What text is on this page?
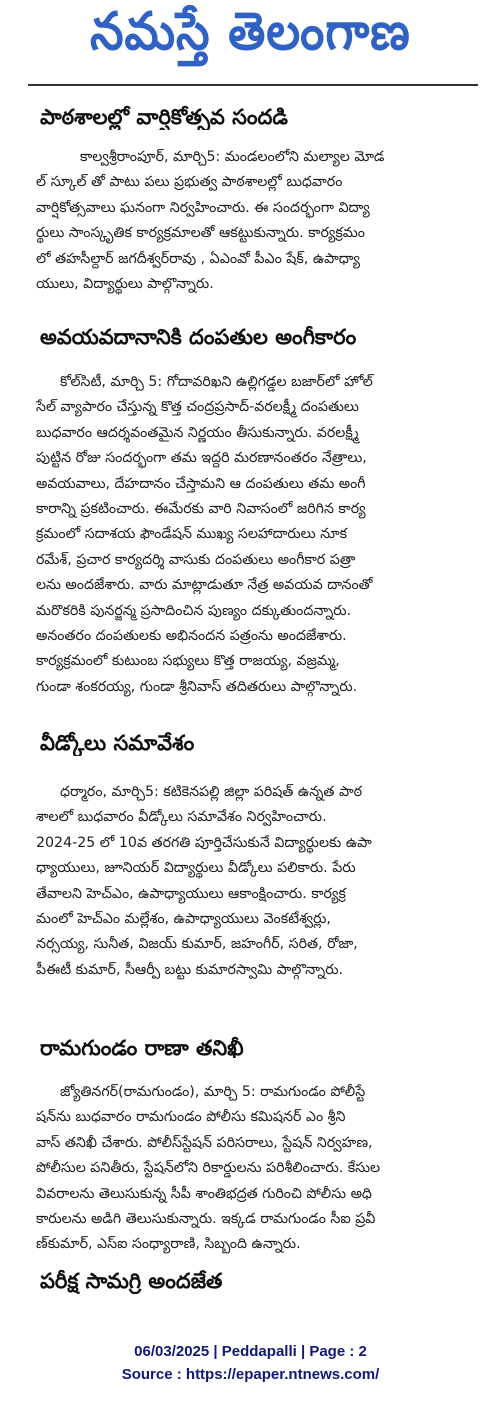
నమస్తే తెలంగాణ
పాఠశాలల్లో వార్షికోత్సవ సందడి

కాల్వశ్రీరాంపూర్, మార్చి5: మండలంలోని మల్యాల మోడ

ల్ స్కూల్ తో పాటు పలు ప్రభుత్వ పాఠశాలల్లో బుధవారం

వార్షికోత్సవాలు ఘనంగా నిర్వహించారు. ఈ సందర్భంగా విద్యా

ర్థులు సాంస్కృతిక కార్యక్రమాలతో ఆకట్టుకున్నారు. కార్యక్రమం

లో తహసీల్దార్ జగదీశ్వర్‌రావు , ఏఎంవో పీఎం షేక్, ఉపాధ్యా

యులు, విద్యార్థులు పాల్గొన్నారు.

అవయవదానానికి దంపతుల అంగీకారం

కోల్‌సిటీ, మార్చి 5: గోదావరిఖని ఉల్లిగడ్డల బజార్‌లో హోల్

సేల్ వ్యాపారం చేస్తున్న కొత్త చంద్రప్రసాద్-వరలక్ష్మీ దంపతులు

బుధవారం ఆదర్శవంతమైన నిర్ణయం తీసుకున్నారు. వరలక్ష్మీ

పుట్టిన రోజు సందర్భంగా తమ ఇద్దరి మరణానంతరం నేత్రాలు,

అవయవాలు, దేహదానం చేస్తామని ఆ దంపతులు తమ అంగీ

కారాన్ని ప్రకటించారు. ఈమేరకు వారి నివాసంలో జరిగిన కార్య

క్రమంలో సదాశయ ఫౌండేషన్ ముఖ్య సలహాదారులు నూక

రమేశ్, ప్రచార కార్యదర్శి వాసుకు దంపతులు అంగీకార పత్రా

లను అందజేశారు. వారు మాట్లాడుతూ నేత్ర అవయవ దానంతో

మరొకరికి పునర్జన్మ ప్రసాదించిన పుణ్యం దక్కుతుందన్నారు.

అనంతరం దంపతులకు అభినందన పత్రంను అందజేశారు.

కార్యక్రమంలో కుటుంబ సభ్యులు కొత్త రాజయ్య, వజ్రమ్మ,

గుండా శంకరయ్య, గుండా శ్రీనివాస్ తదితరులు పాల్గొన్నారు.

వీడ్కోలు సమావేశం

ధర్మారం, మార్చి5: కటికెనపల్లి జిల్లా పరిషత్ ఉన్నత పాఠ

శాలలో బుధవారం వీడ్కోలు సమావేశం నిర్వహించారు.

2024-25 లో 10వ తరగతి పూర్తిచేసుకునే విద్యార్థులకు ఉపా

ధ్యాయులు, జూనియర్ విద్యార్థులు వీడ్కోలు పలికారు. పేరు

తేవాలని హెచ్‌ఎం, ఉపాధ్యాయులు ఆకాంక్షించారు. కార్యక్ర

మంలో హెచ్‌ఎం మల్లేశం, ఉపాధ్యాయులు వెంకటేశ్వర్లు,

నర్సయ్య, సునీత, విజయ్ కుమార్, జహంగీర్, సరిత, రోజా,

పీఈటీ కుమార్, సీఆర్పీ బట్టు కుమారస్వామి పాల్గొన్నారు.

రామగుండం రాణా తనిఖీ

జ్యోతినగర్(రామగుండం), మార్చి 5: రామగుండం పోలీస్టే

షన్‌ను బుధవారం రామగుండం పోలీసు కమిషనర్ ఎం శ్రీని

వాస్ తనిఖీ చేశారు. పోలీస్‌స్టేషన్ పరిసరాలు, స్టేషన్ నిర్వహణ,

పోలీసుల పనితీరు, స్టేషన్‌లోని రికార్డులను పరిశీలించారు. కేసుల

వివరాలను తెలుసుకున్న సీపీ శాంతిభద్రత గురించి పోలీసు అధి

కారులను అడిగి తెలుసుకున్నారు. ఇక్కడ రామగుండం సీఐ ప్రవీ

ణ్‌కుమార్, ఎస్‌ఐ సంధ్యారాణి, సిబ్బంది ఉన్నారు.

పరీక్ష సామగ్రి అందజేత

06/03/2025 | Peddapalli | Page : 2

Source : https://epaper.ntnews.com/
